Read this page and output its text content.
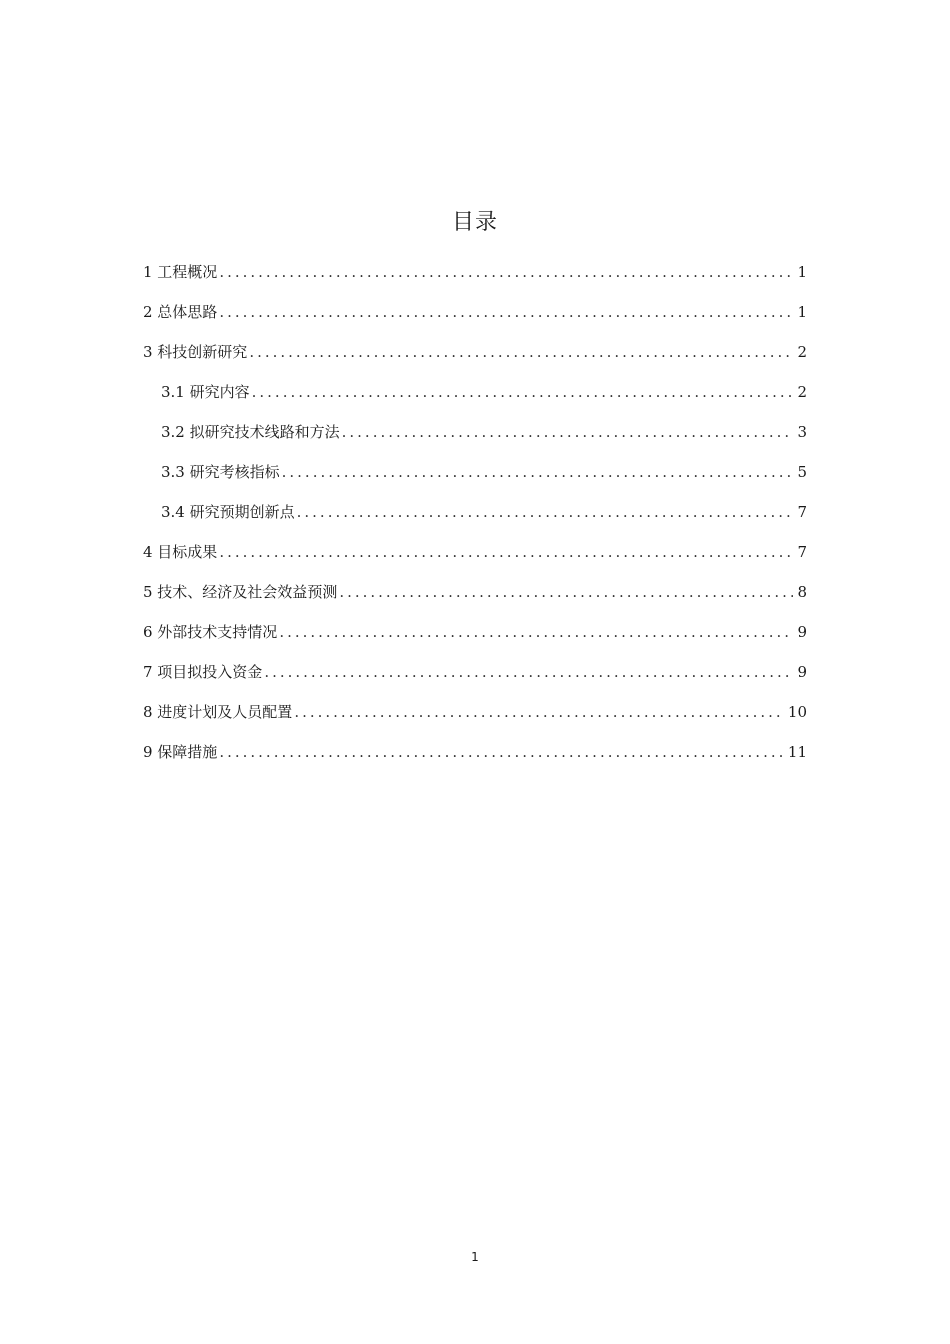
目录
1 工程概况 .....	1
2 总体思路 .....	1
3 科技创新研究 .....	2
3.1 研究内容 .....	2
3.2 拟研究技术线路和方法 .....	3
3.3 研究考核指标 .....	5
3.4 研究预期创新点 .....	7
4 目标成果 .....	7
5 技术、经济及社会效益预测 .....	8
6 外部技术支持情况 .....	9
7 项目拟投入资金 .....	9
8 进度计划及人员配置 .....	10
9 保障措施 .....	11
1
